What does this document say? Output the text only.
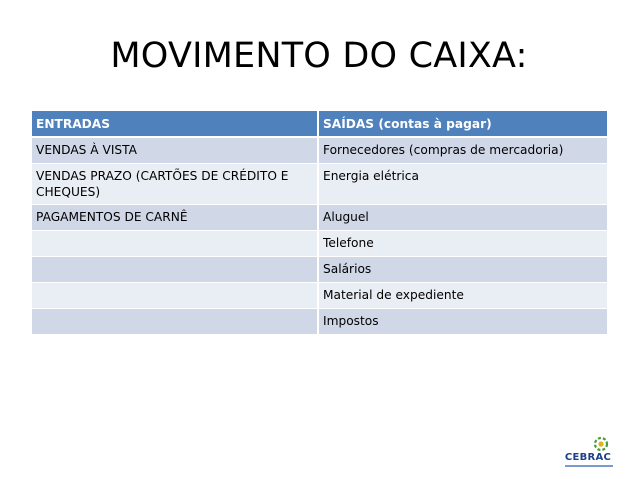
MOVIMENTO DO CAIXA:
ENTRADAS	SAÍDAS (contas à pagar)
VENDAS À VISTA	Fornecedores (compras de mercadoria)
VENDAS PRAZO (CARTÕES DE CRÉDITO E CHEQUES)	Energia elétrica
PAGAMENTOS DE CARNÊ	Aluguel
	Telefone
	Salários
	Material de expediente
	Impostos
CEBRAC
